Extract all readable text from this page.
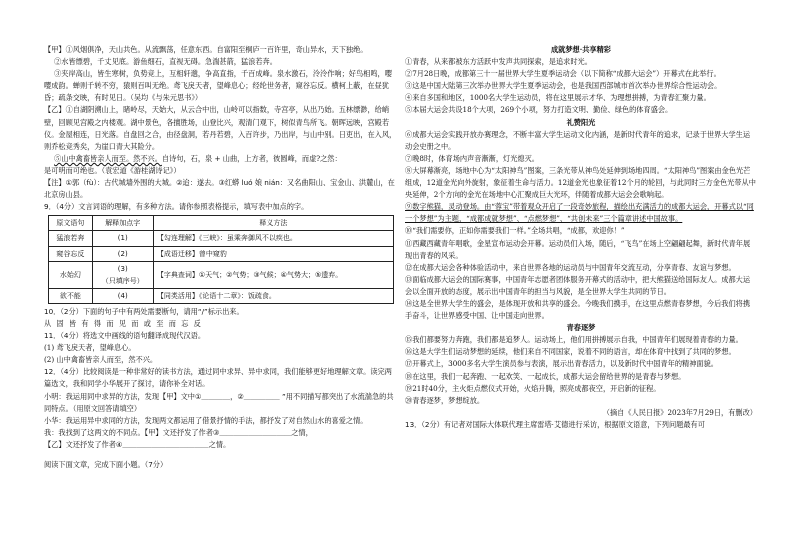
【甲】①风烟俱净，天山共色。从流飘荡，任意东西。自富阳至桐庐一百许里，奇山异水，天下独绝。

②水皆缥碧，千丈见底。游鱼细石，直视无碍。急湍甚箭，猛浪若奔。

③夹岸高山，皆生寒树，负势竞上，互相轩邈，争高直指，千百成峰。泉水激石，泠泠作响；好鸟相鸣，嘤嘤成韵。蝉则千转不穷，猿则百叫无绝。鸢飞戾天者，望峰息心；经纶世务者，窥谷忘反。横柯上蔽，在昼犹昏；疏条交映，有时见日。（吴均《与朱元思书》）

【乙】①自湖阴溯山上，睹岭尽，天始大，从云合中出，山岭可以指数，寺宫亭，从出乃始。五林缥渺，给峭壁，回顾见宫殿之内楼观。湖中景色，各擅胜场，山登比兴，观清门观下，树似青鸟所飞。朝晖远映，宫殿若仪。金屋相连，日光落。自盘回之合，由径盘洞，若丹若碧，入百许步，乃出岸，与山中别。日吏出，在入风，则乔松竞秀矣，为崖口青大其险分。

⑤山中禽畜皆亲人而至。然不兴。自诗句，石，泉 + 山曲，上方者，彼圆峰，而虚?之然：

是可明而可绝也。（袁宏道《游桂湖诗记》）

【注】①郭（fù）：古代城墙外围的大城。②迨：遂去。③红蟒 luó 娘 nián：又名曲阳山、宝金山、洪麓山，在北京房山县。

9．（4分）文言词语的理解，有多种方法。请你参照表格提示，填写表中加点的字。

原文语句	解释加点字	释义方法
猛浪若奔	(1)	【勾连理解】《三峡》：虽乘奔御风不以疾也。
窥谷忘反	(2)	【成语迁移】曾中窥豹
水始幻	(3)
（只填序号）	【字典查词】①天气；②气势；③气候；④气势大；⑤遗弃。
欲不能	(4)	【同类活用】《论语十二章》：饭疏食。

10．（2分）下面的句子中有两处需要断句，请用“/”标示出来。

从 固 皆 有 得 而 见 而 或 至 而 忘 反

11．（4分）将选文中画线的语句翻译成现代汉语。

(1) 鸢飞戾天者，望峰息心。

(2) 山中禽畜皆亲人而至，然不兴。

12．（4分）比较阅读是一种非常好的读书方法，通过同中求异、异中求同，我们能够更好地理解文章。读完两篇选文，我和同学小华展开了探讨，请你补全对话。

小明：我运用同中求异的方法，发现【甲】文中①＿＿＿＿，②＿＿＿＿＿ ”用不同描写都突出了水流湍急的共同特点。（用原文回答请填空）

小华：我运用异中求同的方法，发现两文都运用了借景抒情的手法，都抒发了对自然山水的喜爱之情。

我：我找到了这两文的不同点。【甲】文还抒发了作者③＿＿＿＿＿＿＿＿＿＿之情，

【乙】文还抒发了作者④＿＿＿＿＿＿＿＿＿＿＿＿之情。

阅读下面文章，完成下面小题。（7分）

成就梦想·共享精彩

①青春，从来都被东方活跃中发声共同探索，是追求时光。

②7月28日晚，成都第三十一届世界大学生夏季运动会（以下简称“成都大运会”）开幕式在此举行。

③这是中国大陆第三次举办世界大学生夏季运动会，也是我国西部城市首次举办世界综合性运动会。

④来自多国和地区，1000名大学生运动员，将在这里展示才华、为理想拼搏，为青春汇聚力量。

⑤本届大运会共设18个大项，269个小项，努力打造文明、勤俭、绿色的体育盛会。

礼赞阳光

⑥成都大运会实践开放办赛理念，不断丰富大学生运动文化内涵，是新时代青年的追求，记录于世界大学生运动会史册之中。

⑦晚8时，体育场内声音漸漸，灯光熄灭。

⑧大屏幕渐亮，场地中心为“太阳神鸟”图案，三条光带从神鸟处延伸到场地四周。“太阳神鸟”图案由金色光芒组成，12道金光向外旋射，象征着生命与活力。12道金光也象征着12个月的轮回，与此同时三方金色光带从中央延伸，2个方向的金光在场地中心汇聚成巨大光环，伴随着成都大运会会歌响起。

⑨数字熊猫，灵动登场。由“蓉宝”带着观众开启了一段奇妙旅程，描绘出充满活力的成都大运会，开幕式以“同一个梦想”为主题，“成都成就梦想”、“点燃梦想”、“共创未来”三个篇章讲述中国故事。

⑩“我们需要你，正如你需要我们一样。”全场共唱，“成都，欢迎你！”

⑪西藏西藏青年唱歌，金星宣布运动会开幕。运动员们入场，随后，“飞鸟”在场上空翩翩起舞，新时代青年展现出青春的风采。

⑫在成都大运会各种体验活动中，来自世界各地的运动员与中国青年交流互动，分享青春、友谊与梦想。

⑬面临成都大运会的国际赛事，中国青年志愿者团体服务开幕式的活动中，把大熊猫送给国际友人。成都大运会以全面开放的态度，展示出中国青年的担当与风貌，是全世界大学生共同的节日。

⑭这是全世界大学生的盛会，是体现开放和共享的盛会。今晚我们携手，在这里点燃青春梦想，今后我们将携手奋斗，让世界感受中国、让中国走向世界。

青春逐梦

⑮我们都要努力奔跑，我们都是追梦人。运动场上，他们用拼搏展示自我，中国青年们展现着青春的力量。

⑯这是大学生们运动梦想的延续，他们来自不同国家，说着不同的语言，却在体育中找到了共同的梦想。

⑰开幕式上，3000多名大学生演员参与表演，展示出青春活力，以及新时代中国青年的精神面貌。

⑱在这里，我们一起奔跑、一起欢笑、一起成长，成都大运会留给世界的是青春与梦想。

⑲21时40分，主火炬点燃仪式开始，火焰升腾，照亮成都夜空，开启新的征程。

⑳青春逐梦，梦想绽放。

（摘自《人民日报》2023年7月29日，有删改）

13．（2分）有记者对国际大体联代理主席雷塔·艾德进行采访，根据原文语意，下列问题最有可
